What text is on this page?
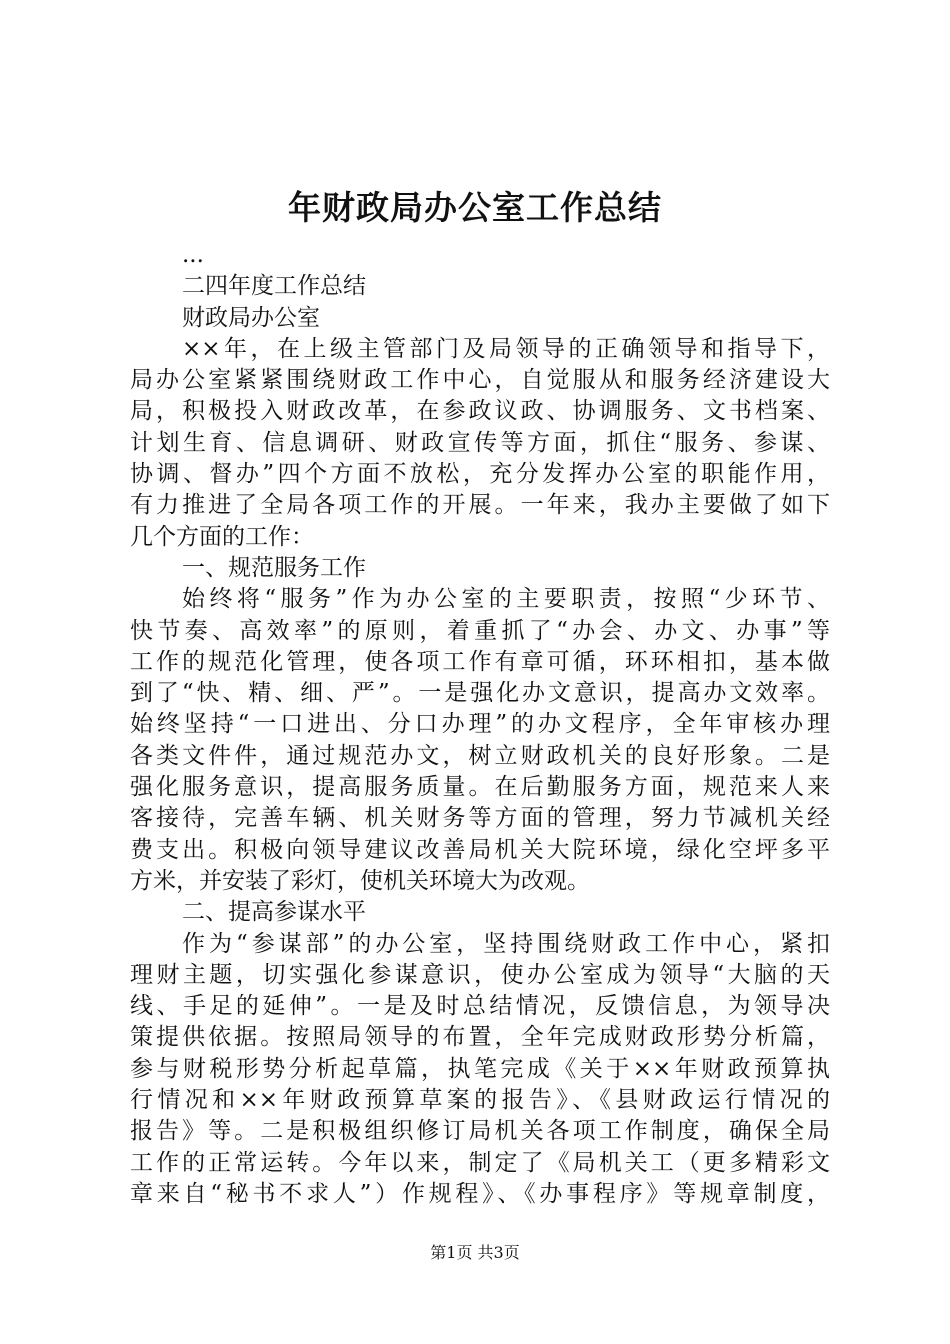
年财政局办公室工作总结
...
二四年度工作总结
财政局办公室
××年，在上级主管部门及局领导的正确领导和指导下，
局办公室紧紧围绕财政工作中心，自觉服从和服务经济建设大
局，积极投入财政改革，在参政议政、协调服务、文书档案、
计划生育、信息调研、财政宣传等方面，抓住“服务、参谋、
协调、督办”四个方面不放松，充分发挥办公室的职能作用，
有力推进了全局各项工作的开展。一年来，我办主要做了如下
几个方面的工作：
一、规范服务工作
始终将“服务”作为办公室的主要职责，按照“少环节、
快节奏、高效率”的原则，着重抓了“办会、办文、办事”等
工作的规范化管理，使各项工作有章可循，环环相扣，基本做
到了“快、精、细、严”。一是强化办文意识，提高办文效率。
始终坚持“一口进出、分口办理”的办文程序，全年审核办理
各类文件件，通过规范办文，树立财政机关的良好形象。二是
强化服务意识，提高服务质量。在后勤服务方面，规范来人来
客接待，完善车辆、机关财务等方面的管理，努力节减机关经
费支出。积极向领导建议改善局机关大院环境，绿化空坪多平
方米，并安装了彩灯，使机关环境大为改观。
二、提高参谋水平
作为“参谋部”的办公室，坚持围绕财政工作中心，紧扣
理财主题，切实强化参谋意识，使办公室成为领导“大脑的天
线、手足的延伸”。一是及时总结情况，反馈信息，为领导决
策提供依据。按照局领导的布置，全年完成财政形势分析篇，
参与财税形势分析起草篇，执笔完成《关于××年财政预算执
行情况和××年财政预算草案的报告》、《县财政运行情况的
报告》等。二是积极组织修订局机关各项工作制度，确保全局
工作的正常运转。今年以来，制定了《局机关工（更多精彩文
章来自“秘书不求人”）作规程》、《办事程序》等规章制度，
第1页 共3页
